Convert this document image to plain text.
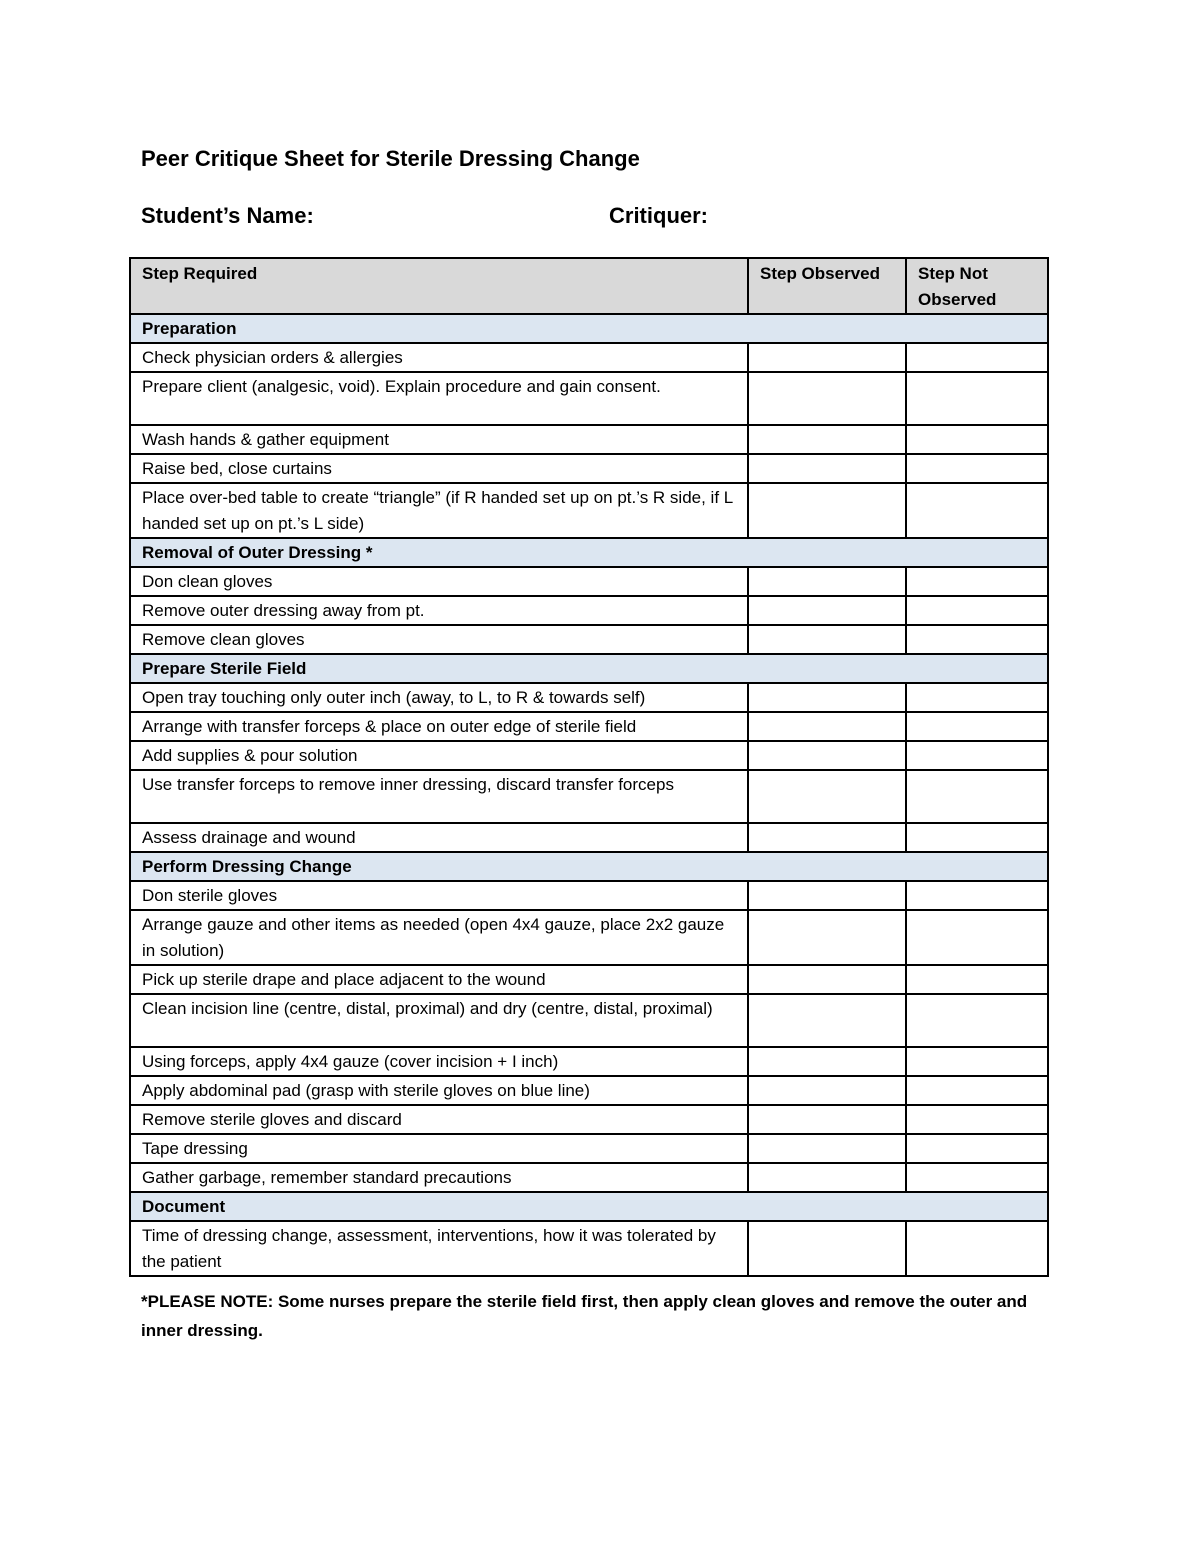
Peer Critique Sheet for Sterile Dressing Change
Student’s Name:	Critiquer:
Step Required	Step Observed	Step Not Observed
Preparation		
Check physician orders & allergies		
Prepare client (analgesic, void). Explain procedure and gain consent.		
Wash hands & gather equipment		
Raise bed, close curtains		
Place over-bed table to create “triangle” (if R handed set up on pt.’s R side, if L handed set up on pt.’s L side)		
Removal of Outer Dressing *		
Don clean gloves		
Remove outer dressing away from pt.		
Remove clean gloves		
Prepare Sterile Field		
Open tray touching only outer inch (away, to L, to R & towards self)		
Arrange with transfer forceps & place on outer edge of sterile field		
Add supplies & pour solution		
Use transfer forceps to remove inner dressing, discard transfer forceps		
Assess drainage and wound		
Perform Dressing Change		
Don sterile gloves		
Arrange gauze and other items as needed (open 4x4 gauze, place 2x2 gauze in solution)		
Pick up sterile drape and place adjacent to the wound		
Clean incision line (centre, distal, proximal) and dry (centre, distal, proximal)		
Using forceps, apply 4x4 gauze (cover incision + I inch)		
Apply abdominal pad (grasp with sterile gloves on blue line)		
Remove sterile gloves and discard		
Tape dressing		
Gather garbage, remember standard precautions		
Document		
Time of dressing change, assessment, interventions, how it was tolerated by the patient		
*PLEASE NOTE: Some nurses prepare the sterile field first, then apply clean gloves and remove the outer and inner dressing.
